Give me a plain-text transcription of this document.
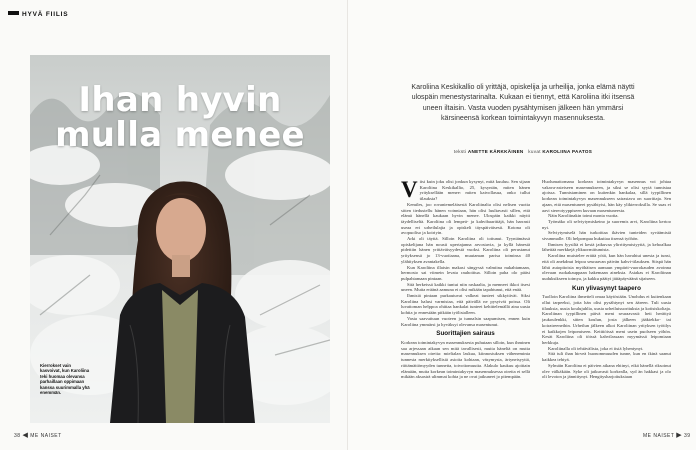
HYVÄ FIILIS
Ihan hyvin mulla menee
Kierrokset vain kasvoivat, kun Karoliina teki huomaa olevansa parhaillaan oppimaan kanssa suurimmalla yhä enemmän.
38 ◀ ME NAISET	ME NAISET ▶ 39
Karoliina Keskikallio oli yrittäjä, opiskelija ja urheilija, jonka elämä näytti ulospäin menestystarinalta. Kukaan ei tiennyt, että Karoliina itki itsensä uneen iltaisin. Vasta vuoden pysähtymisen jälkeen hän ymmärsi kärsineensä korkean toimintakyvyn masennuksesta.
teksti ANETTE KÄRKKÄINEN kuvat KAROLIINA PAATOS
V iisi kuin joku olisi jonkun kysynyt, mitä kuuluu. Sen sijaan Karoliina Keskikallio, 25, kysyntän, miten hänen yrityksellään menee: miten kaivollasua, onko tullut tilauksia?

Kemiles, joo rovaniemeläisestä Karoliinalta olisi nelisen vuotta sitten tiedustellu hänen voinniaan, hän olisi luultavasti sillen, että elämä hänellä kaukaan hyvin menee. Ulospäin kaikki näytti täydelliseltä. Karoliina oli lempeä- ja kahvibaarittäjä, hän harrasti useaa eri urheilulajia ja opiskeli täyspäiväisesti. Kotona oli avopuoliso ja koiriyin.

Arki oli täyttä. Silloin Karoliina oli tottunut. Tyyntämässä opiskelijana hän nousti upertajanna arvostavia, ja kyllä hänestä pidettiin hänen yrittäväisyydestä vuoksi. Karoliina oli perustanut yrityksensä jo 13-vuotiaana, muutaman parisa toiminsa 40 ylähityksen avantakella.

Kun Karoliina illaisin makasi sängyssä valmiina nukahtamaan, hermosto sai viimein levata rauhoittua. Silloin paha olo pääsi pulpahtamaan pintaan.

Sitä herkeissä kaikki tuntui niin raskaalta, ja menneet ikkoi itsesi uneen. Mutta eräänä aamuna ei olisi mikään tapahtunut, että enää.

Ihmisiä pintaan purkautuvat valkeat tunteet sikkyttivät. Siksi Karoliina halusi varmistaa, että päivällä ne pysyivät poissa. Oli luvattoman helppoa ohittaa hankalat tunteet kehittelemällä aina uusia kohtia jo ennestään pitkään työlistalleen.

Vasta saavuttuun vuoteen ja tunnalsin saapumisen, ennen kuin Karoliina ymmärsi ja hyväksyi olevansa masentunut.

Suorittajien sairaus

Korkean toimintakyvyn masennuksesta puhutaan silloin, kun ihminen saa arjessaan aikaan sen mitä tavallisesti, mutta häneltä on mutta masennuksen oireita: mielialan laskua, kiinnostuksen väheneminta tunnesta merkityksellisiä asioita kohtaan, väsymysta, ärtyneisyyttä, riittämättömyyden tunnetta, toivottomuutta. Alakulo kaukuu ajoittain elämään, mutta korkean toimintakyvyn masennuksessa oireita ei sellä mikään aksasträ ulimmat kohta ja ne ovat jatkuneet jo pitempään.

Huolumattomana korkean toimintakyvyn masennus voi johtaa vakava-asteiseen masennukseen, ja siksi se olisi syytä tunnistaa ajoissa. Tunnistaminen on kuitenkin hankalaa, sillä tyypillinen korkean toimintakyvyn masennukseen sairastava on suorittaja. Sen ajaan, että masentuneet pysähtyisi, hän käy ylikierroksilla. Se suas ei aavi stereotyyppiseen kuvaan masentuneesta.

Näin Karoliinakin toimi monta vuotta.

Työmäko oli selviytymiskeino ja suoremis arvi, Karoliina kertoo nyt.

Selviytymiselä hän turkoittaa ikävien tunteiden syväämistä sivummalle. Oli helpompaa hukuttaa itsensä työhön.

Ihmisen fyysiltä ei kestä jatkuvaa ylirrittymistyyttä, ja kehoalkaa lähettää merkkejä ylikuormittumista.

Karoliina muistelee eräitä yötä, kun hän havahtui unesta ja tunsi, että oli anekdnut leipoa seuraavan päivän kahvi-tilauksen. Siispä hän lähti autopitoisia myöhäisen aamuun ympärit-vuorokauden avoinna olevaan ruokakauppaan hakemaan aineksia. Asiakas ei Karoliinan uuduksikseen toimya, ja kakku päätyi jäitäpäyväänä sijaiseen.

Kun ylivasynyt taapero

Tuolloin Karoliina ihmetteli omaa käytöstään. Unohdus ei kuitenkaan ollut tarpeeksi, jotta hän olisi pysähtynyt sen ääreen. Tuli uusia tilauksia, uusia koulujuhlia, uusia urheiluisuorituksia ja kotisiskoltaja. Karoliinan tyypillinen päivä meni seuraavasti: heti herättyä jaukoulenkki, sitten koulun, josta jälkeen jääkiekko- tai koiratreeneihin. Urheilun jälkeen alkoi Karoliinan yrityksen työtilys ei kaikkojen leipomiseen. Keittiöissä meni usein puolseen yöhön. Kesät Karoliina oli töissä kahvilassaan myymässä leipomiaan herkkuja.

Karoliinalla oli tehtävälista, joka ei itsiä lyhentynyt.

Sitä tuli ihan hirveä huonommuuden tunne, kun en ikinä saanut kaikkea tehtyä.

Sylmäin Karoliina ei päivien aikana ehtinyt, eikä hänellä riksoinut olev välkäkään. Syke oli jatkuvasti korkealla, syd än hakkasi ja olo oli levoton ja jännittynyt. Hengitysharjoituksiaan
